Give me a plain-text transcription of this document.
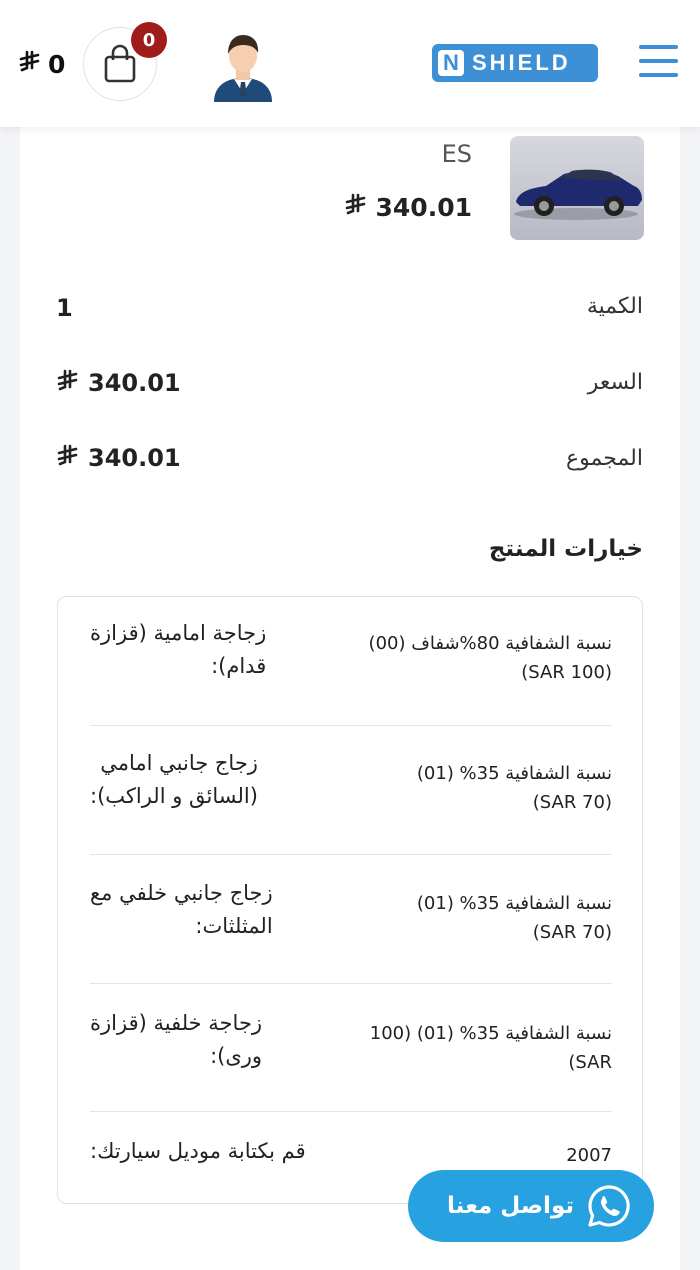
0
0
N SHIELD
ES
340.01
الكمية
1
السعر
340.01
المجموع
340.01
خيارات المنتج
زجاجة امامية (قزازة
قدام):
نسبة الشفافية 80%شفاف (00)
(SAR 100)
زجاج جانبي امامي
(السائق و الراكب):
نسبة الشفافية 35% (01)
(SAR 70)
زجاج جانبي خلفي مع
المثلثات:
نسبة الشفافية 35% (01)
(SAR 70)
زجاجة خلفية (قزازة
ورى):
نسبة الشفافية 35% (01) (100
SAR)
قم بكتابة موديل سيارتك:	2007
تواصل معنا
